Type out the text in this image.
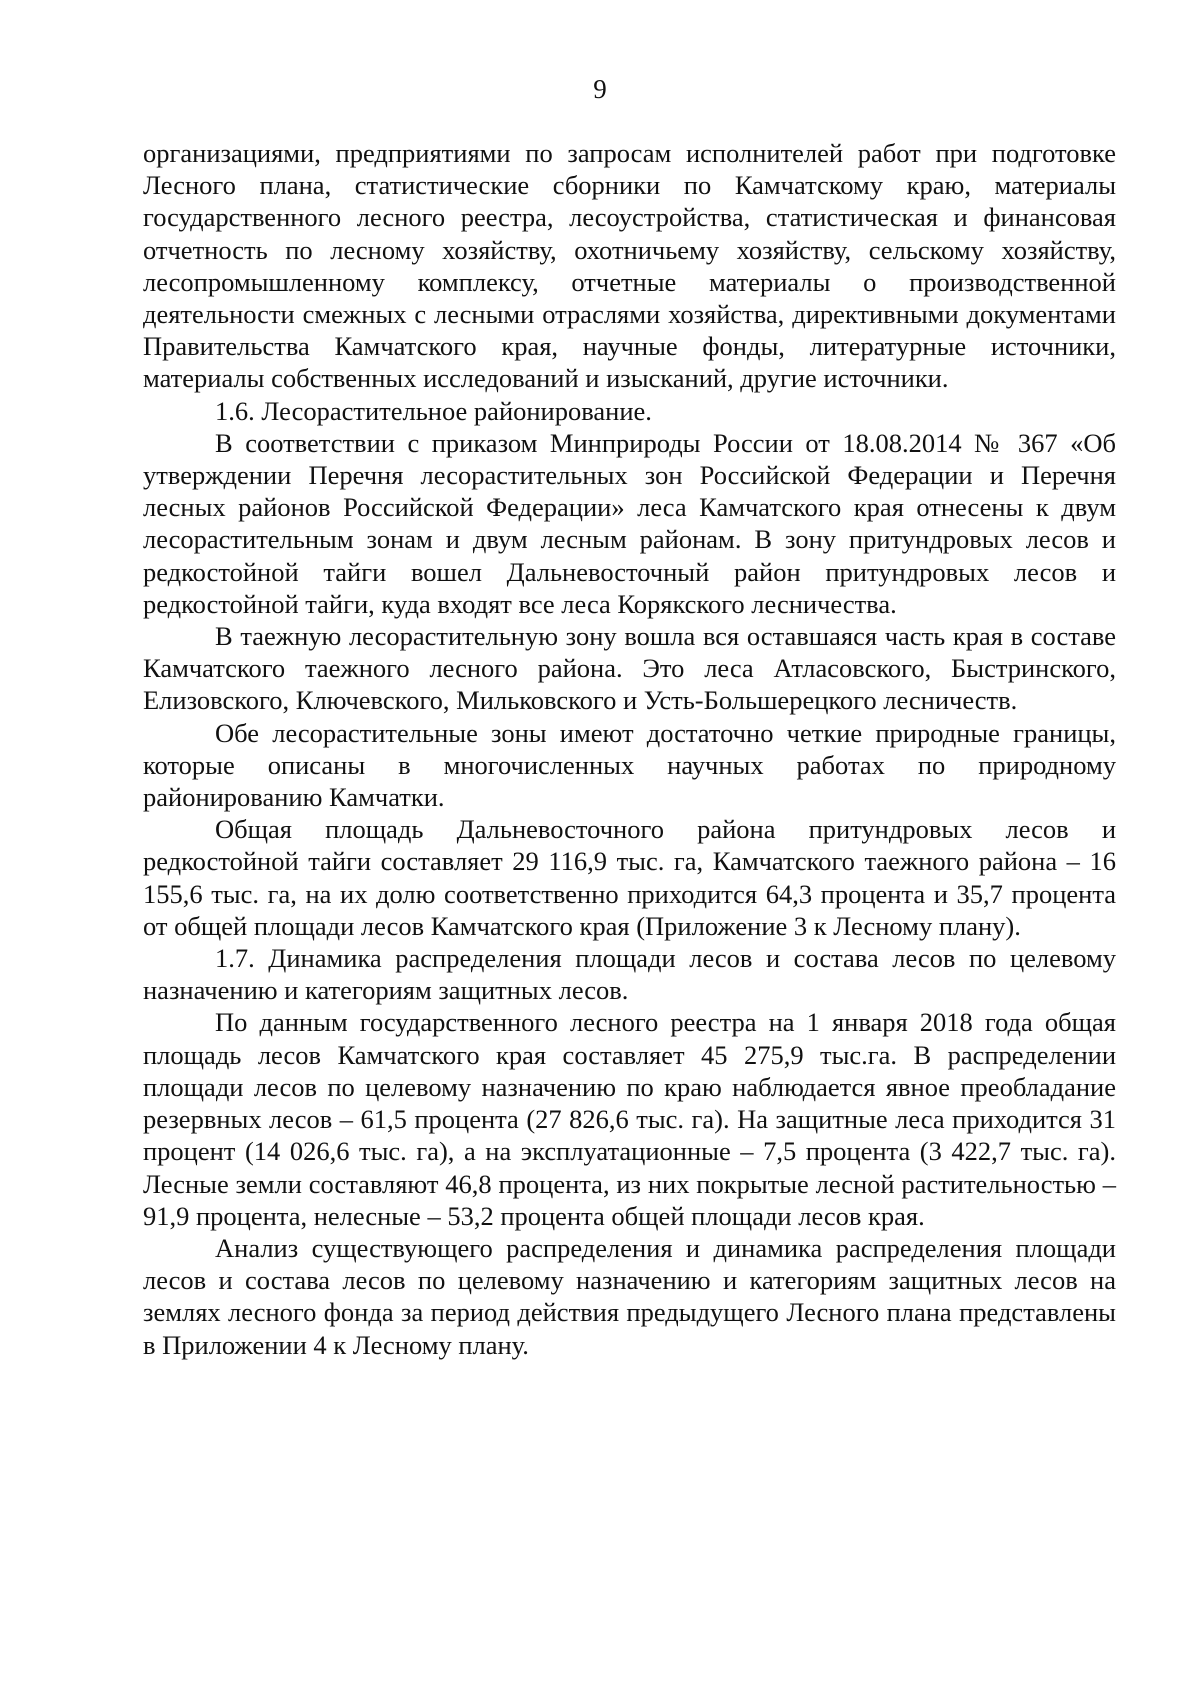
9

организациями, предприятиями по запросам исполнителей работ при подготовке Лесного плана, статистические сборники по Камчатскому краю, материалы государственного лесного реестра, лесоустройства, статистическая и финансовая отчетность по лесному хозяйству, охотничьему хозяйству, сельскому хозяйству, лесопромышленному комплексу, отчетные материалы о производственной деятельности смежных с лесными отраслями хозяйства, директивными документами Правительства Камчатского края, научные фонды, литературные источники, материалы собственных исследований и изысканий, другие источники.

1.6. Лесорастительное районирование.

В соответствии с приказом Минприроды России от 18.08.2014 № 367 «Об утверждении Перечня лесорастительных зон Российской Федерации и Перечня лесных районов Российской Федерации» леса Камчатского края отнесены к двум лесорастительным зонам и двум лесным районам. В зону притундровых лесов и редкостойной тайги вошел Дальневосточный район притундровых лесов и редкостойной тайги, куда входят все леса Корякского лесничества.

В таежную лесорастительную зону вошла вся оставшаяся часть края в составе Камчатского таежного лесного района. Это леса Атласовского, Быстринского, Елизовского, Ключевского, Мильковского и Усть-Большерецкого лесничеств.

Обе лесорастительные зоны имеют достаточно четкие природные границы, которые описаны в многочисленных научных работах по природному районированию Камчатки.

Общая площадь Дальневосточного района притундровых лесов и редкостойной тайги составляет 29 116,9 тыс. га, Камчатского таежного района – 16 155,6 тыс. га, на их долю соответственно приходится 64,3 процента и 35,7 процента от общей площади лесов Камчатского края (Приложение 3 к Лесному плану).

1.7. Динамика распределения площади лесов и состава лесов по целевому назначению и категориям защитных лесов.

По данным государственного лесного реестра на 1 января 2018 года общая площадь лесов Камчатского края составляет 45 275,9 тыс.га. В распределении площади лесов по целевому назначению по краю наблюдается явное преобладание резервных лесов – 61,5 процента (27 826,6 тыс. га). На защитные леса приходится 31 процент (14 026,6 тыс. га), а на эксплуатационные – 7,5 процента (3 422,7 тыс. га). Лесные земли составляют 46,8 процента, из них покрытые лесной растительностью – 91,9 процента, нелесные – 53,2 процента общей площади лесов края.

Анализ существующего распределения и динамика распределения площади лесов и состава лесов по целевому назначению и категориям защитных лесов на землях лесного фонда за период действия предыдущего Лесного плана представлены в Приложении 4 к Лесному плану.
